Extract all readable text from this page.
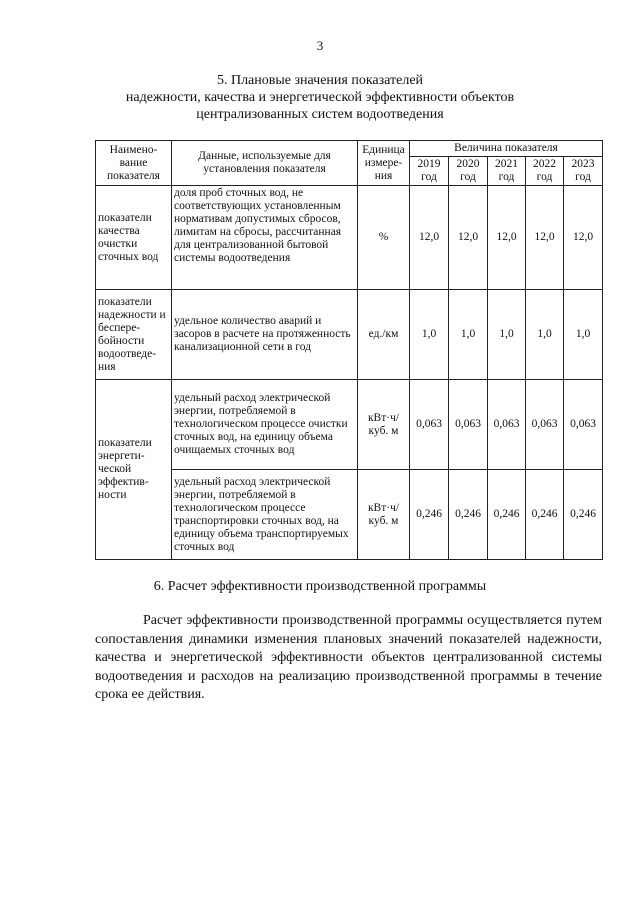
3
5. Плановые значения показателей
надежности, качества и энергетической эффективности объектов
централизованных систем водоотведения
Наимено-вание показателя	Данные, используемые для установления показателя	Единица измере-ния	Величина показателя				
			2019 год	2020 год	2021 год	2022 год	2023 год
показатели качества очистки сточных вод	доля проб сточных вод, не соответствующих установленным нормативам допустимых сбросов, лимитам на сбросы, рассчитанная для централизованной бытовой системы водоотведения	%	12,0	12,0	12,0	12,0	12,0
показатели надежности и беспере-бойности водоотведе-ния	удельное количество аварий и засоров в расчете на протяженность канализационной сети в год	ед./км	1,0	1,0	1,0	1,0	1,0
показатели энергети-ческой эффектив-ности	удельный расход электрической энергии, потребляемой в технологическом процессе очистки сточных вод, на единицу объема очищаемых сточных вод	кВт·ч/ куб. м	0,063	0,063	0,063	0,063	0,063
	удельный расход электрической энергии, потребляемой в технологическом процессе транспортировки сточных вод, на единицу объема транспортируемых сточных вод	кВт·ч/ куб. м	0,246	0,246	0,246	0,246	0,246
6. Расчет эффективности производственной программы
Расчет эффективности производственной программы осуществляется путем сопоставления динамики изменения плановых значений показателей надежности, качества и энергетической эффективности объектов централизованной системы водоотведения и расходов на реализацию производственной программы в течение срока ее действия.
